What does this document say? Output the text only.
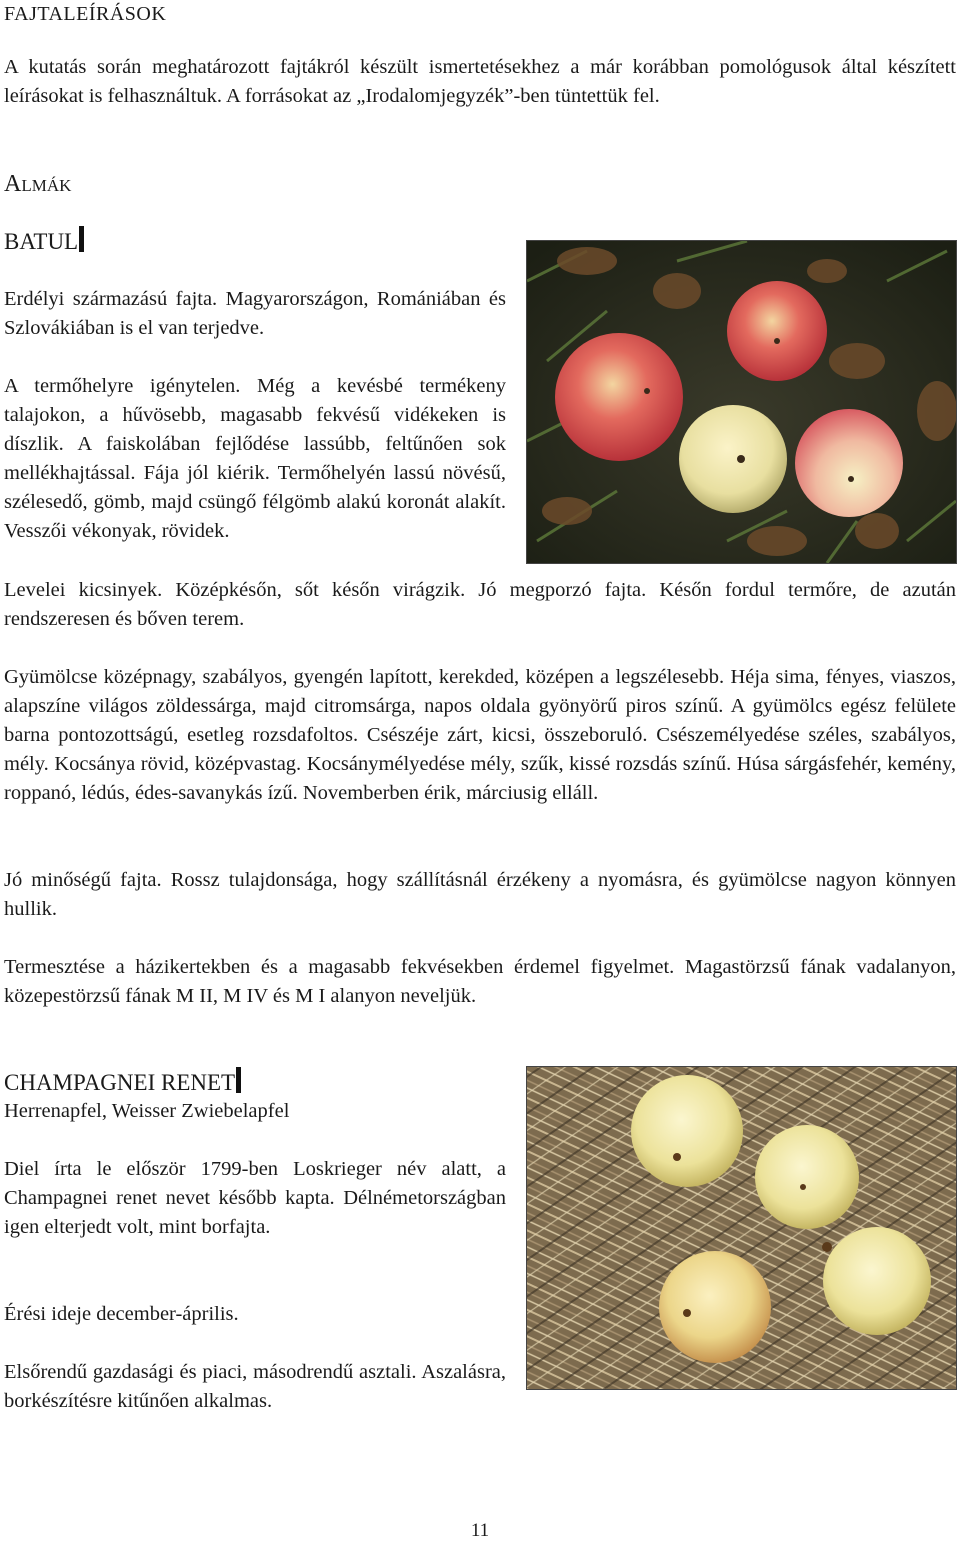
FAJTALEÍRÁSOK

A kutatás során meghatározott fajtákról készült ismertetésekhez a már korábban pomológusok által készített leírásokat is felhasználtuk. A forrásokat az „Irodalomjegyzék”-ben tüntettük fel.

ALMÁK
BATUL

Erdélyi származású fajta. Magyarországon, Romániában és Szlovákiában is el van terjedve.

A termőhelyre igénytelen. Még a kevésbé termékeny talajokon, a hűvösebb, magasabb fekvésű vidékeken is díszlik. A faiskolában fejlődése lassúbb, feltűnően sok mellékhajtással. Fája jól kiérik. Termőhelyén lassú növésű, szélesedő, gömb, majd csüngő félgömb alakú koronát alakít. Vesszői vékonyak, rövidek.

Levelei kicsinyek. Középkésőn, sőt későn virágzik. Jó megporzó fajta. Későn fordul termőre, de azután rendszeresen és bőven terem.

Gyümölcse középnagy, szabályos, gyengén lapított, kerekded, középen a legszélesebb. Héja sima, fényes, viaszos, alapszíne világos zöldessárga, majd citromsárga, napos oldala gyönyörű piros színű. A gyümölcs egész felülete barna pontozottságú, esetleg rozsdafoltos. Csészéje zárt, kicsi, összeboruló. Csészemélyedése széles, szabályos, mély. Kocsánya rövid, középvastag. Kocsánymélyedése mély, szűk, kissé rozsdás színű. Húsa sárgásfehér, kemény, roppanó, lédús, édes-savanykás ízű. Novemberben érik, márciusig elláll.

Jó minőségű fajta. Rossz tulajdonsága, hogy szállításnál érzékeny a nyomásra, és gyümölcse nagyon könnyen hullik.

Termesztése a házikertekben és a magasabb fekvésekben érdemel figyelmet. Magastörzsű fának vadalanyon, közepestörzsű fának M II, M IV és M I alanyon neveljük.

CHAMPAGNEI RENET
Herrenapfel, Weisser Zwiebelapfel

Diel írta le először 1799-ben Loskrieger név alatt, a Champagnei renet nevet később kapta. Délnémetországban igen elterjedt volt, mint borfajta.

Érési ideje december-április.

Elsőrendű gazdasági és piaci, másodrendű asztali. Aszalásra, borkészítésre kitűnően alkalmas.

11
